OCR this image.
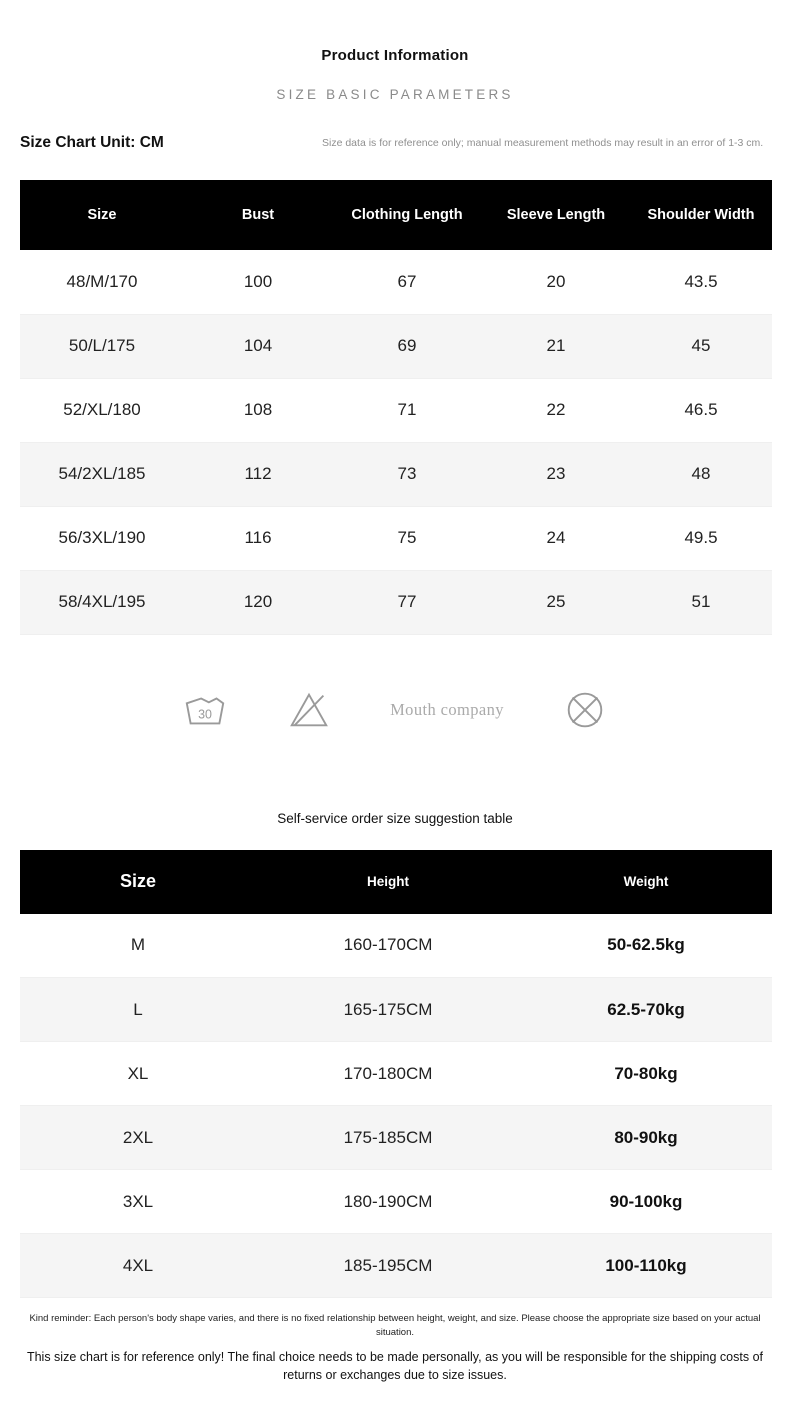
Product Information
SIZE BASIC PARAMETERS
Size Chart Unit: CM	Size data is for reference only; manual measurement methods may result in an error of 1-3 cm.
Size	Bust	Clothing Length	Sleeve Length	Shoulder Width
48/M/170	100	67	20	43.5
50/L/175	104	69	21	45
52/XL/180	108	71	22	46.5
54/2XL/185	112	73	23	48
56/3XL/190	116	75	24	49.5
58/4XL/195	120	77	25	51
30	Mouth company
Self-service order size suggestion table
Size	Height	Weight
M	160-170CM	50-62.5kg
L	165-175CM	62.5-70kg
XL	170-180CM	70-80kg
2XL	175-185CM	80-90kg
3XL	180-190CM	90-100kg
4XL	185-195CM	100-110kg
Kind reminder: Each person's body shape varies, and there is no fixed relationship between height, weight, and size. Please choose the appropriate size based on your actual situation.
This size chart is for reference only! The final choice needs to be made personally, as you will be responsible for the shipping costs of returns or exchanges due to size issues.
